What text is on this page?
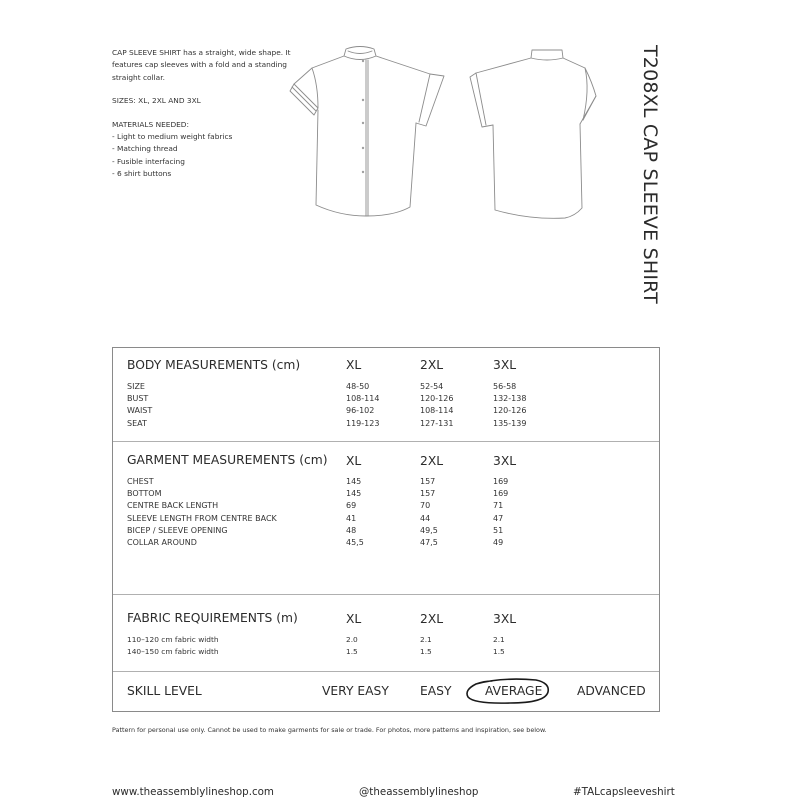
CAP SLEEVE SHIRT has a straight, wide shape. It features cap sleeves with a fold and a standing straight collar.

SIZES: XL, 2XL AND 3XL

MATERIALS NEEDED:
- Light to medium weight fabrics
- Matching thread
- Fusible interfacing
- 6 shirt buttons	T208XL CAP SLEEVE SHIRT
BODY MEASUREMENTS (cm)	XL	2XL	3XL
SIZE	48-50	52-54	56-58
BUST	108-114	120-126	132-138
WAIST	96-102	108-114	120-126
SEAT	119-123	127-131	135-139
GARMENT MEASUREMENTS (cm) XL	2XL	3XL
CHEST	145	157	169
BOTTOM	145	157	169
CENTRE BACK LENGTH	69	70	71
SLEEVE LENGTH FROM CENTRE BACK	41	44	47
BICEP / SLEEVE OPENING	48	49,5	51
COLLAR AROUND	45,5	47,5	49
FABRIC REQUIREMENTS (m)	XL	2XL	3XL
110–120 cm fabric width	2.0	2.1	2.1
140–150 cm fabric width	1.5	1.5	1.5
SKILL LEVEL	VERY EASY	EASY	AVERAGE	ADVANCED
Pattern for personal use only. Cannot be used to make garments for sale or trade. For photos, more patterns and inspiration, see below.
www.theassemblylineshop.com	@theassemblylineshop	#TALcapsleeveshirt
